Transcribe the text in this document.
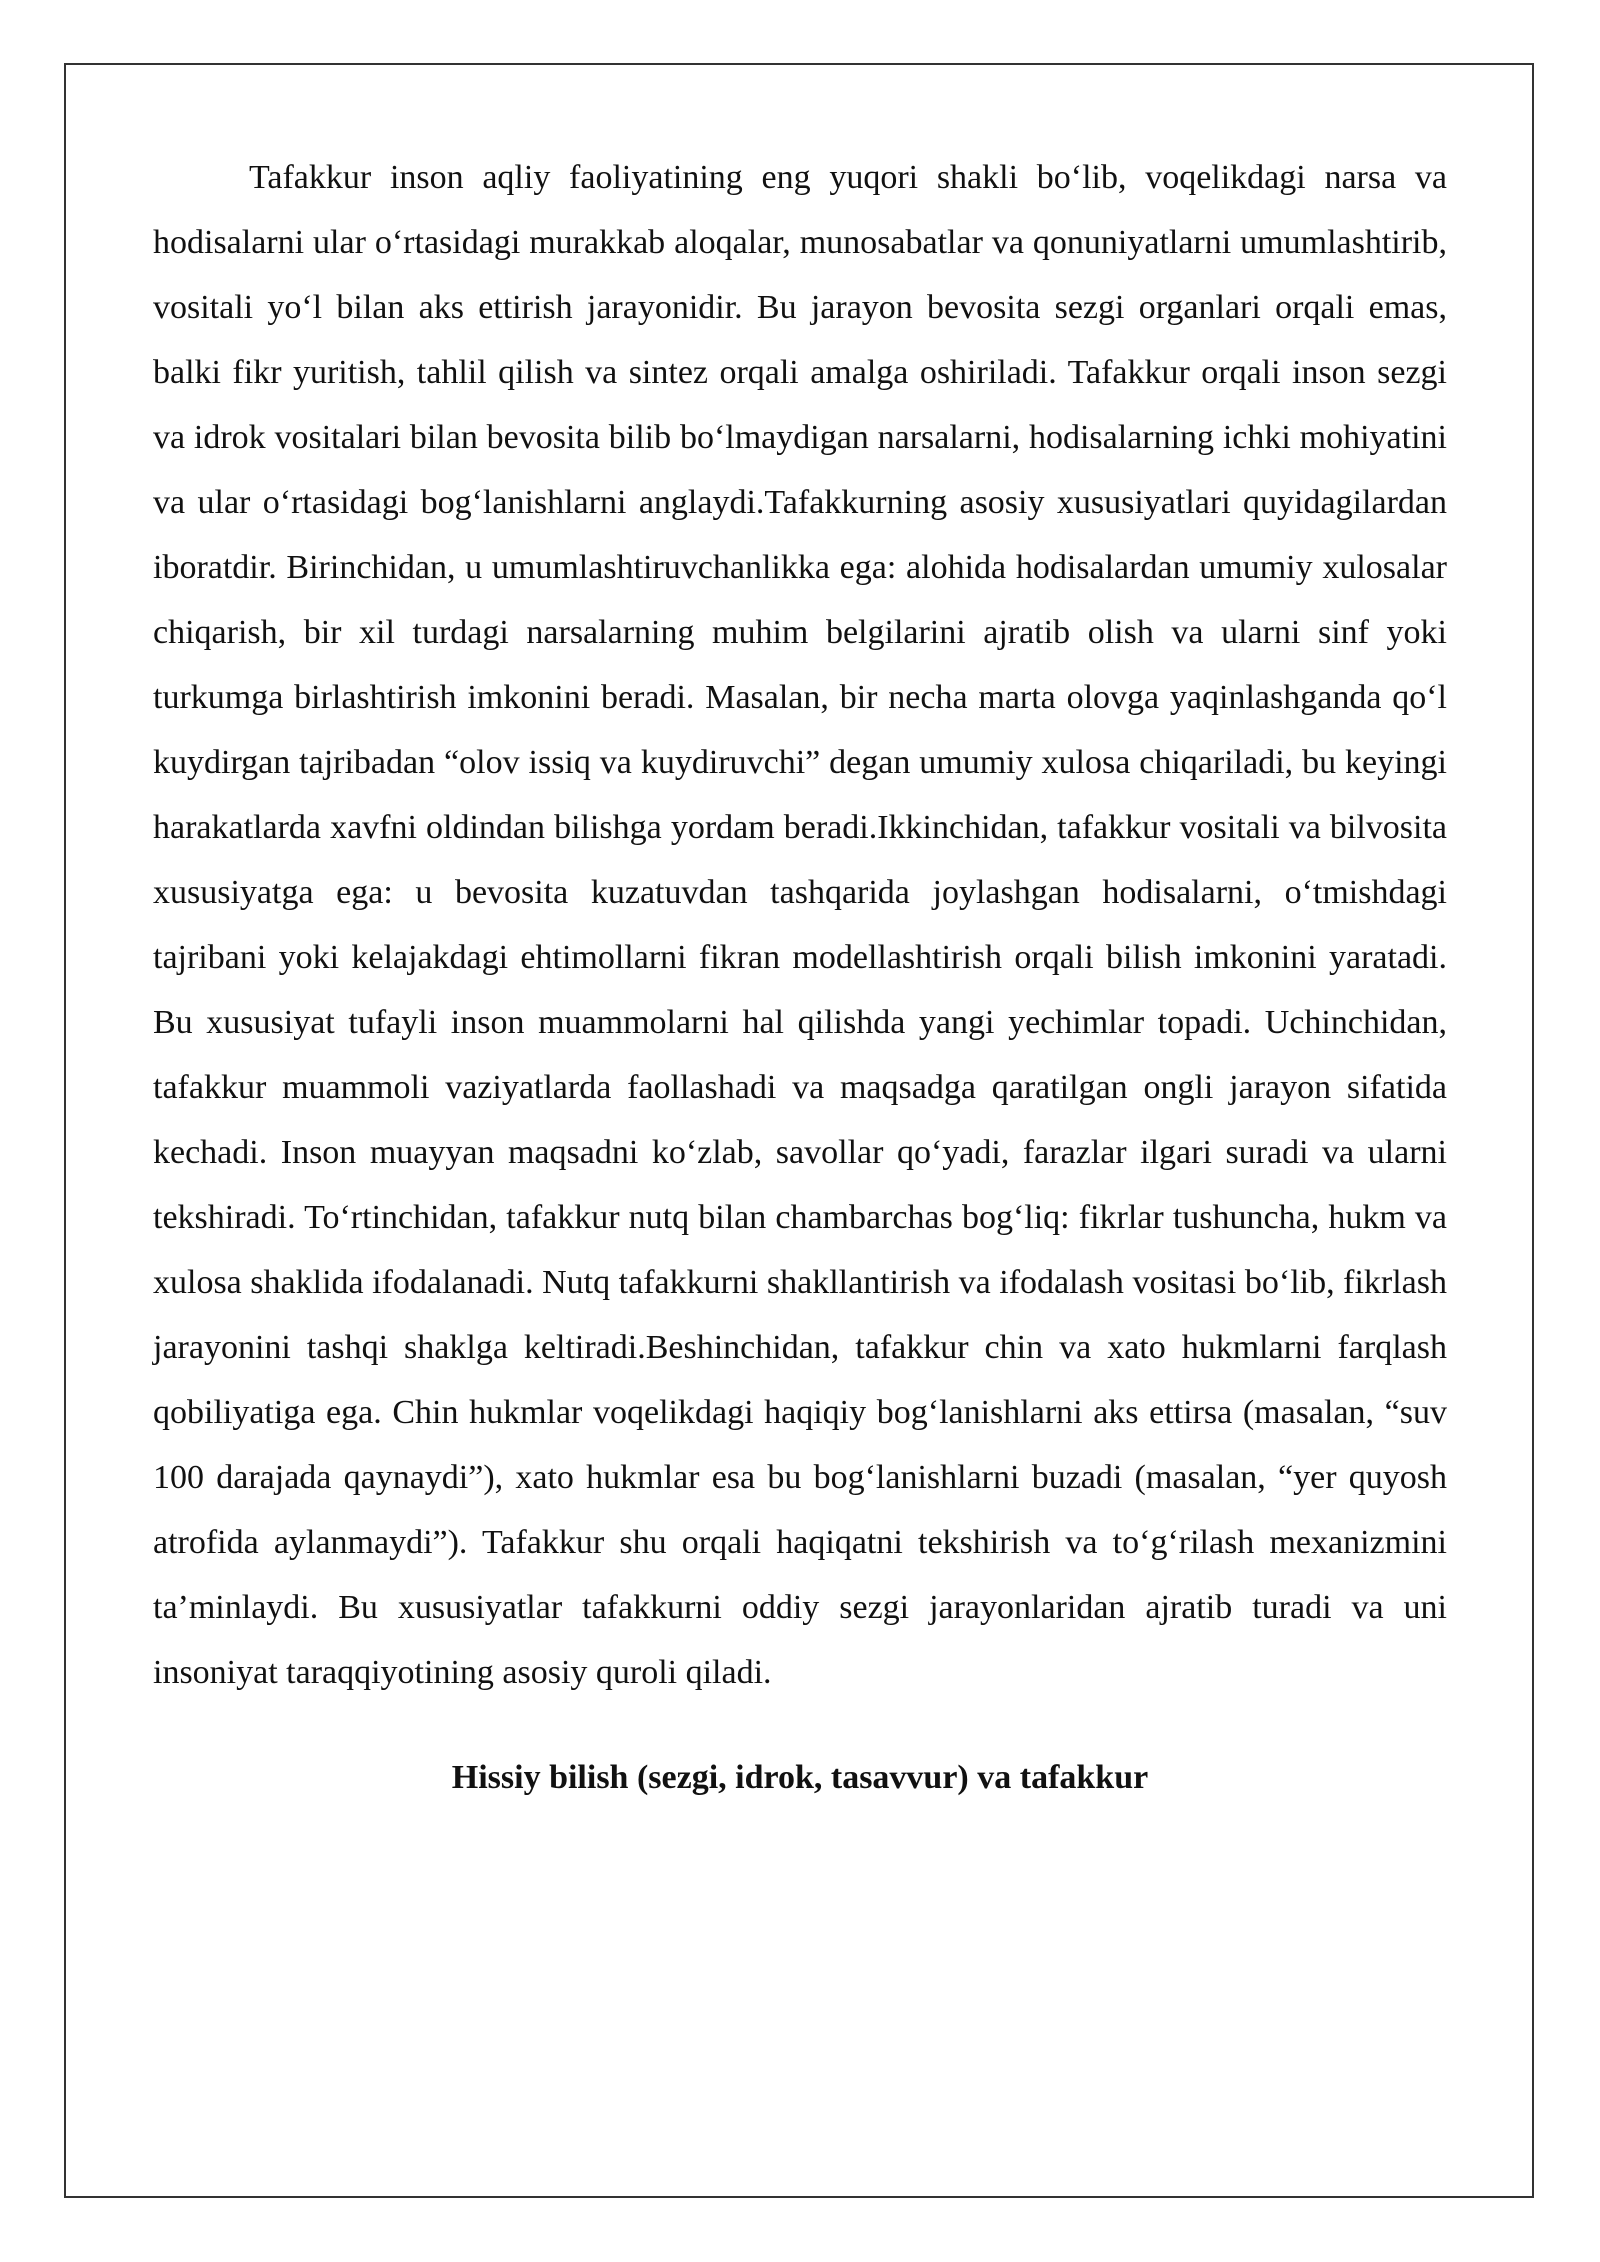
Tafakkur inson aqliy faoliyatining eng yuqori shakli bo‘lib, voqelikdagi narsa va hodisalarni ular o‘rtasidagi murakkab aloqalar, munosabatlar va qonuniyatlarni umumlashtirib, vositali yo‘l bilan aks ettirish jarayonidir. Bu jarayon bevosita sezgi organlari orqali emas, balki fikr yuritish, tahlil qilish va sintez orqali amalga oshiriladi. Tafakkur orqali inson sezgi va idrok vositalari bilan bevosita bilib bo‘lmaydigan narsalarni, hodisalarning ichki mohiyatini va ular o‘rtasidagi bog‘lanishlarni anglaydi.Tafakkurning asosiy xususiyatlari quyidagilardan iboratdir. Birinchidan, u umumlashtiruvchanlikka ega: alohida hodisalardan umumiy xulosalar chiqarish, bir xil turdagi narsalarning muhim belgilarini ajratib olish va ularni sinf yoki turkumga birlashtirish imkonini beradi. Masalan, bir necha marta olovga yaqinlashganda qo‘l kuydirgan tajribadan “olov issiq va kuydiruvchi” degan umumiy xulosa chiqariladi, bu keyingi harakatlarda xavfni oldindan bilishga yordam beradi.Ikkinchidan, tafakkur vositali va bilvosita xususiyatga ega: u bevosita kuzatuvdan tashqarida joylashgan hodisalarni, o‘tmishdagi tajribani yoki kelajakdagi ehtimollarni fikran modellashtirish orqali bilish imkonini yaratadi. Bu xususiyat tufayli inson muammolarni hal qilishda yangi yechimlar topadi. Uchinchidan, tafakkur muammoli vaziyatlarda faollashadi va maqsadga qaratilgan ongli jarayon sifatida kechadi. Inson muayyan maqsadni ko‘zlab, savollar qo‘yadi, farazlar ilgari suradi va ularni tekshiradi. To‘rtinchidan, tafakkur nutq bilan chambarchas bog‘liq: fikrlar tushuncha, hukm va xulosa shaklida ifodalanadi. Nutq tafakkurni shakllantirish va ifodalash vositasi bo‘lib, fikrlash jarayonini tashqi shaklga keltiradi.Beshinchidan, tafakkur chin va xato hukmlarni farqlash qobiliyatiga ega. Chin hukmlar voqelikdagi haqiqiy bog‘lanishlarni aks ettirsa (masalan, “suv 100 darajada qaynaydi”), xato hukmlar esa bu bog‘lanishlarni buzadi (masalan, “yer quyosh atrofida aylanmaydi”). Tafakkur shu orqali haqiqatni tekshirish va to‘g‘rilash mexanizmini ta’minlaydi. Bu xususiyatlar tafakkurni oddiy sezgi jarayonlaridan ajratib turadi va uni insoniyat taraqqiyotining asosiy quroli qiladi.

Hissiy bilish (sezgi, idrok, tasavvur) va tafakkur
